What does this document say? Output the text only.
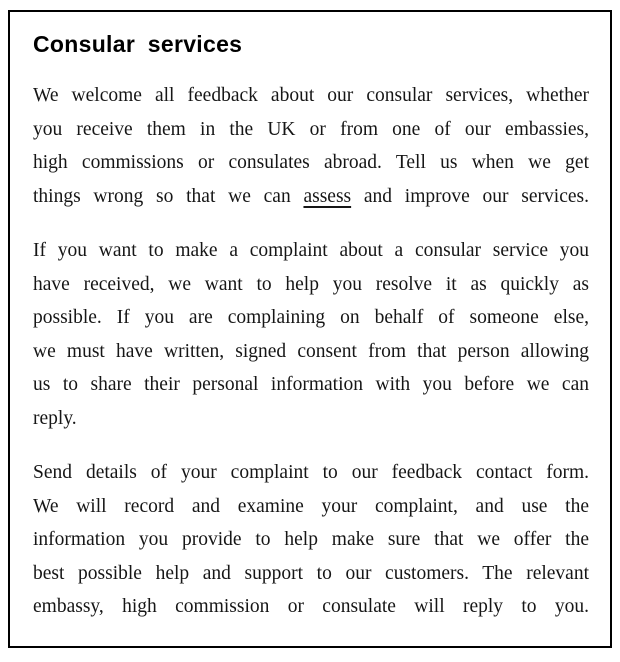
Consular services
We welcome all feedback about our consular services, whether
you receive them in the UK or from one of our embassies,
high commissions or consulates abroad. Tell us when we get
things wrong so that we can assess and improve our services.
If you want to make a complaint about a consular service you
have received, we want to help you resolve it as quickly as
possible. If you are complaining on behalf of someone else,
we must have written, signed consent from that person allowing
us to share their personal information with you before we can
reply.
Send details of your complaint to our feedback contact form.
We will record and examine your complaint, and use the
information you provide to help make sure that we offer the
best possible help and support to our customers. The relevant
embassy, high commission or consulate will reply to you.
